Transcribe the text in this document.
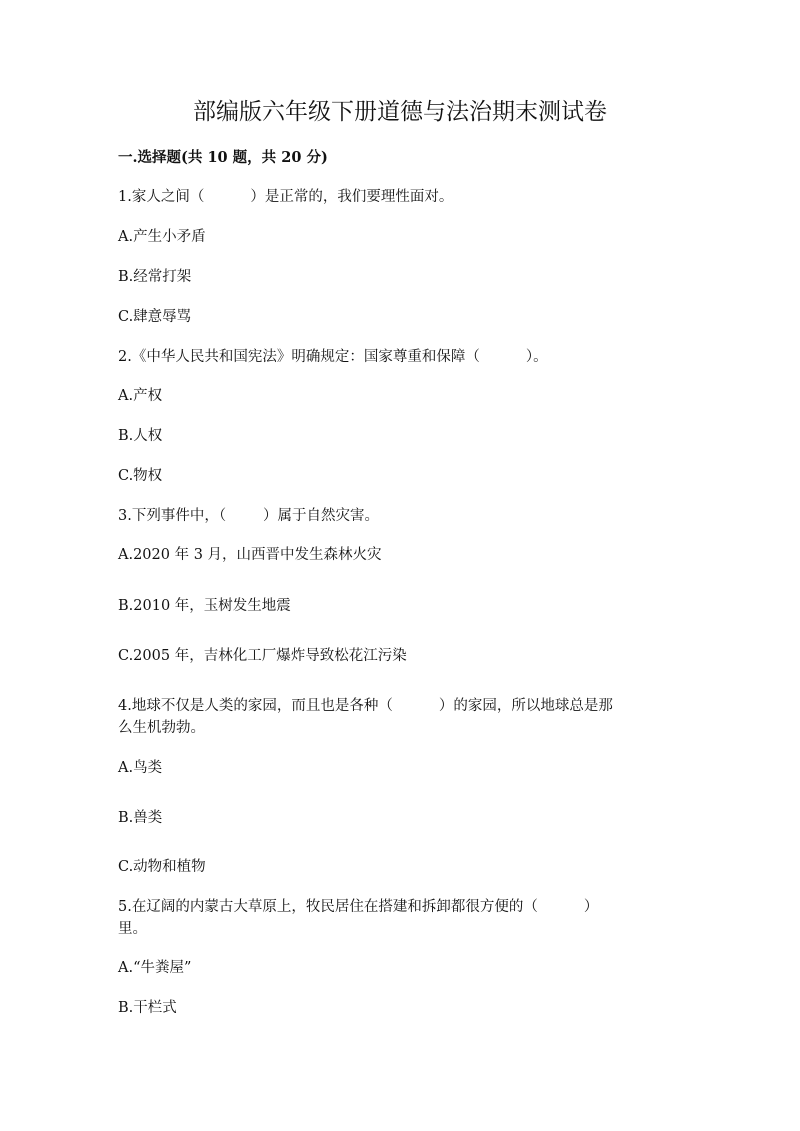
部编版六年级下册道德与法治期末测试卷
一.选择题(共 10 题，共 20 分)
1.家人之间（          ）是正常的，我们要理性面对。
A.产生小矛盾
B.经常打架
C.肆意辱骂
2.《中华人民共和国宪法》明确规定：国家尊重和保障（          ）。
A.产权
B.人权
C.物权
3.下列事件中，（        ）属于自然灾害。
A.2020 年 3 月，山西晋中发生森林火灾
B.2010 年，玉树发生地震
C.2005 年，吉林化工厂爆炸导致松花江污染
4.地球不仅是人类的家园，而且也是各种（          ）的家园，所以地球总是那
么生机勃勃。
A.鸟类
B.兽类
C.动物和植物
5.在辽阔的内蒙古大草原上，牧民居住在搭建和拆卸都很方便的（          ）
里。
A.“牛粪屋”
B.干栏式
